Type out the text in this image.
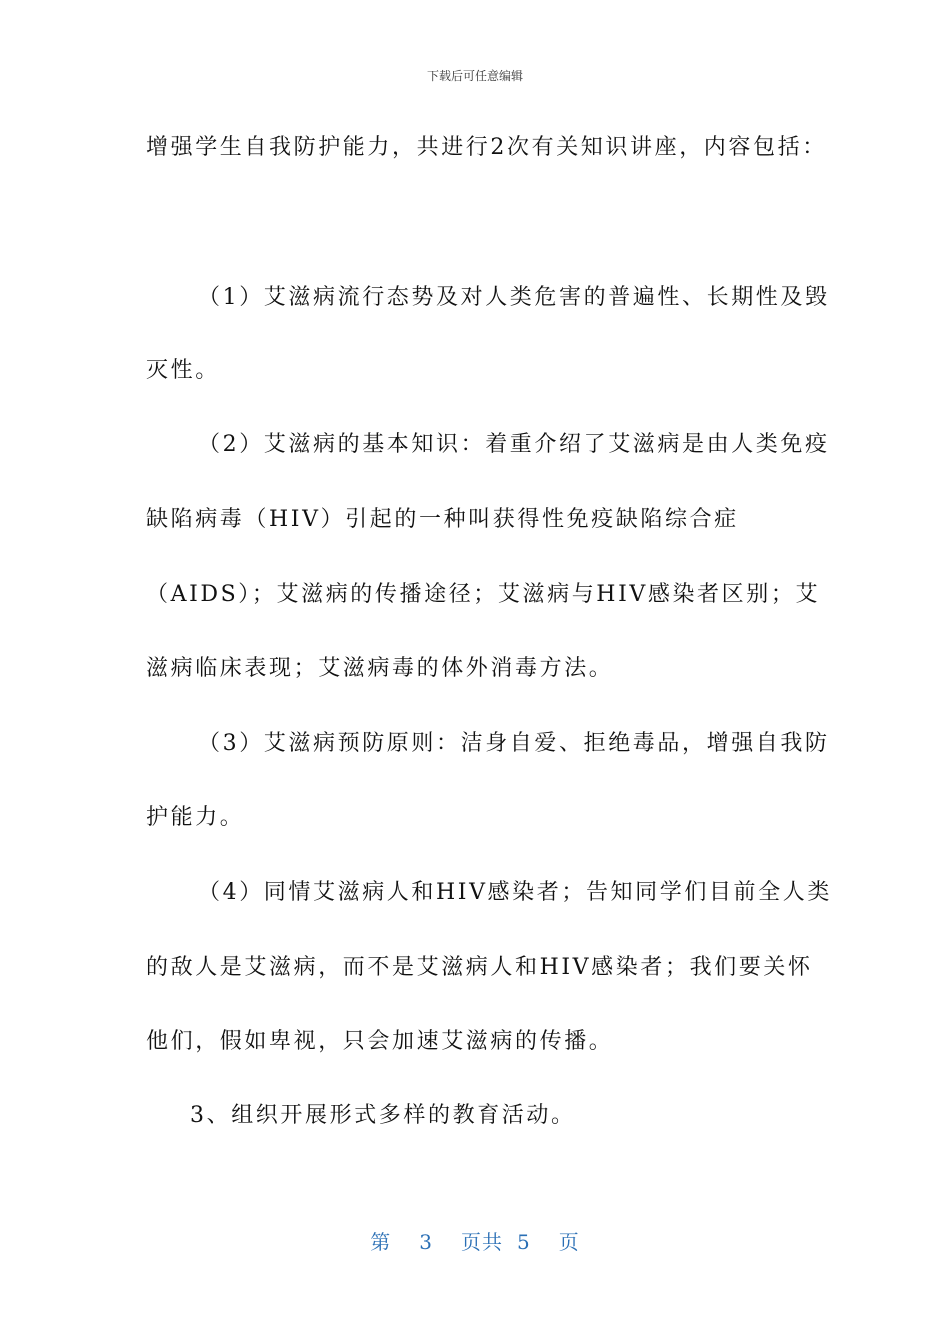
下载后可任意编辑
增强学生自我防护能力，共进行2次有关知识讲座，内容包括：
（1）艾滋病流行态势及对人类危害的普遍性、长期性及毁
灭性。
（2）艾滋病的基本知识：着重介绍了艾滋病是由人类免疫
缺陷病毒（HIV）引起的一种叫获得性免疫缺陷综合症
（AIDS）；艾滋病的传播途径；艾滋病与HIV感染者区别；艾
滋病临床表现；艾滋病毒的体外消毒方法。
（3）艾滋病预防原则：洁身自爱、拒绝毒品，增强自我防
护能力。
（4）同情艾滋病人和HIV感染者；告知同学们目前全人类
的敌人是艾滋病，而不是艾滋病人和HIV感染者；我们要关怀
他们，假如卑视，只会加速艾滋病的传播。
3、组织开展形式多样的教育活动。
第 3 页共 5 页
